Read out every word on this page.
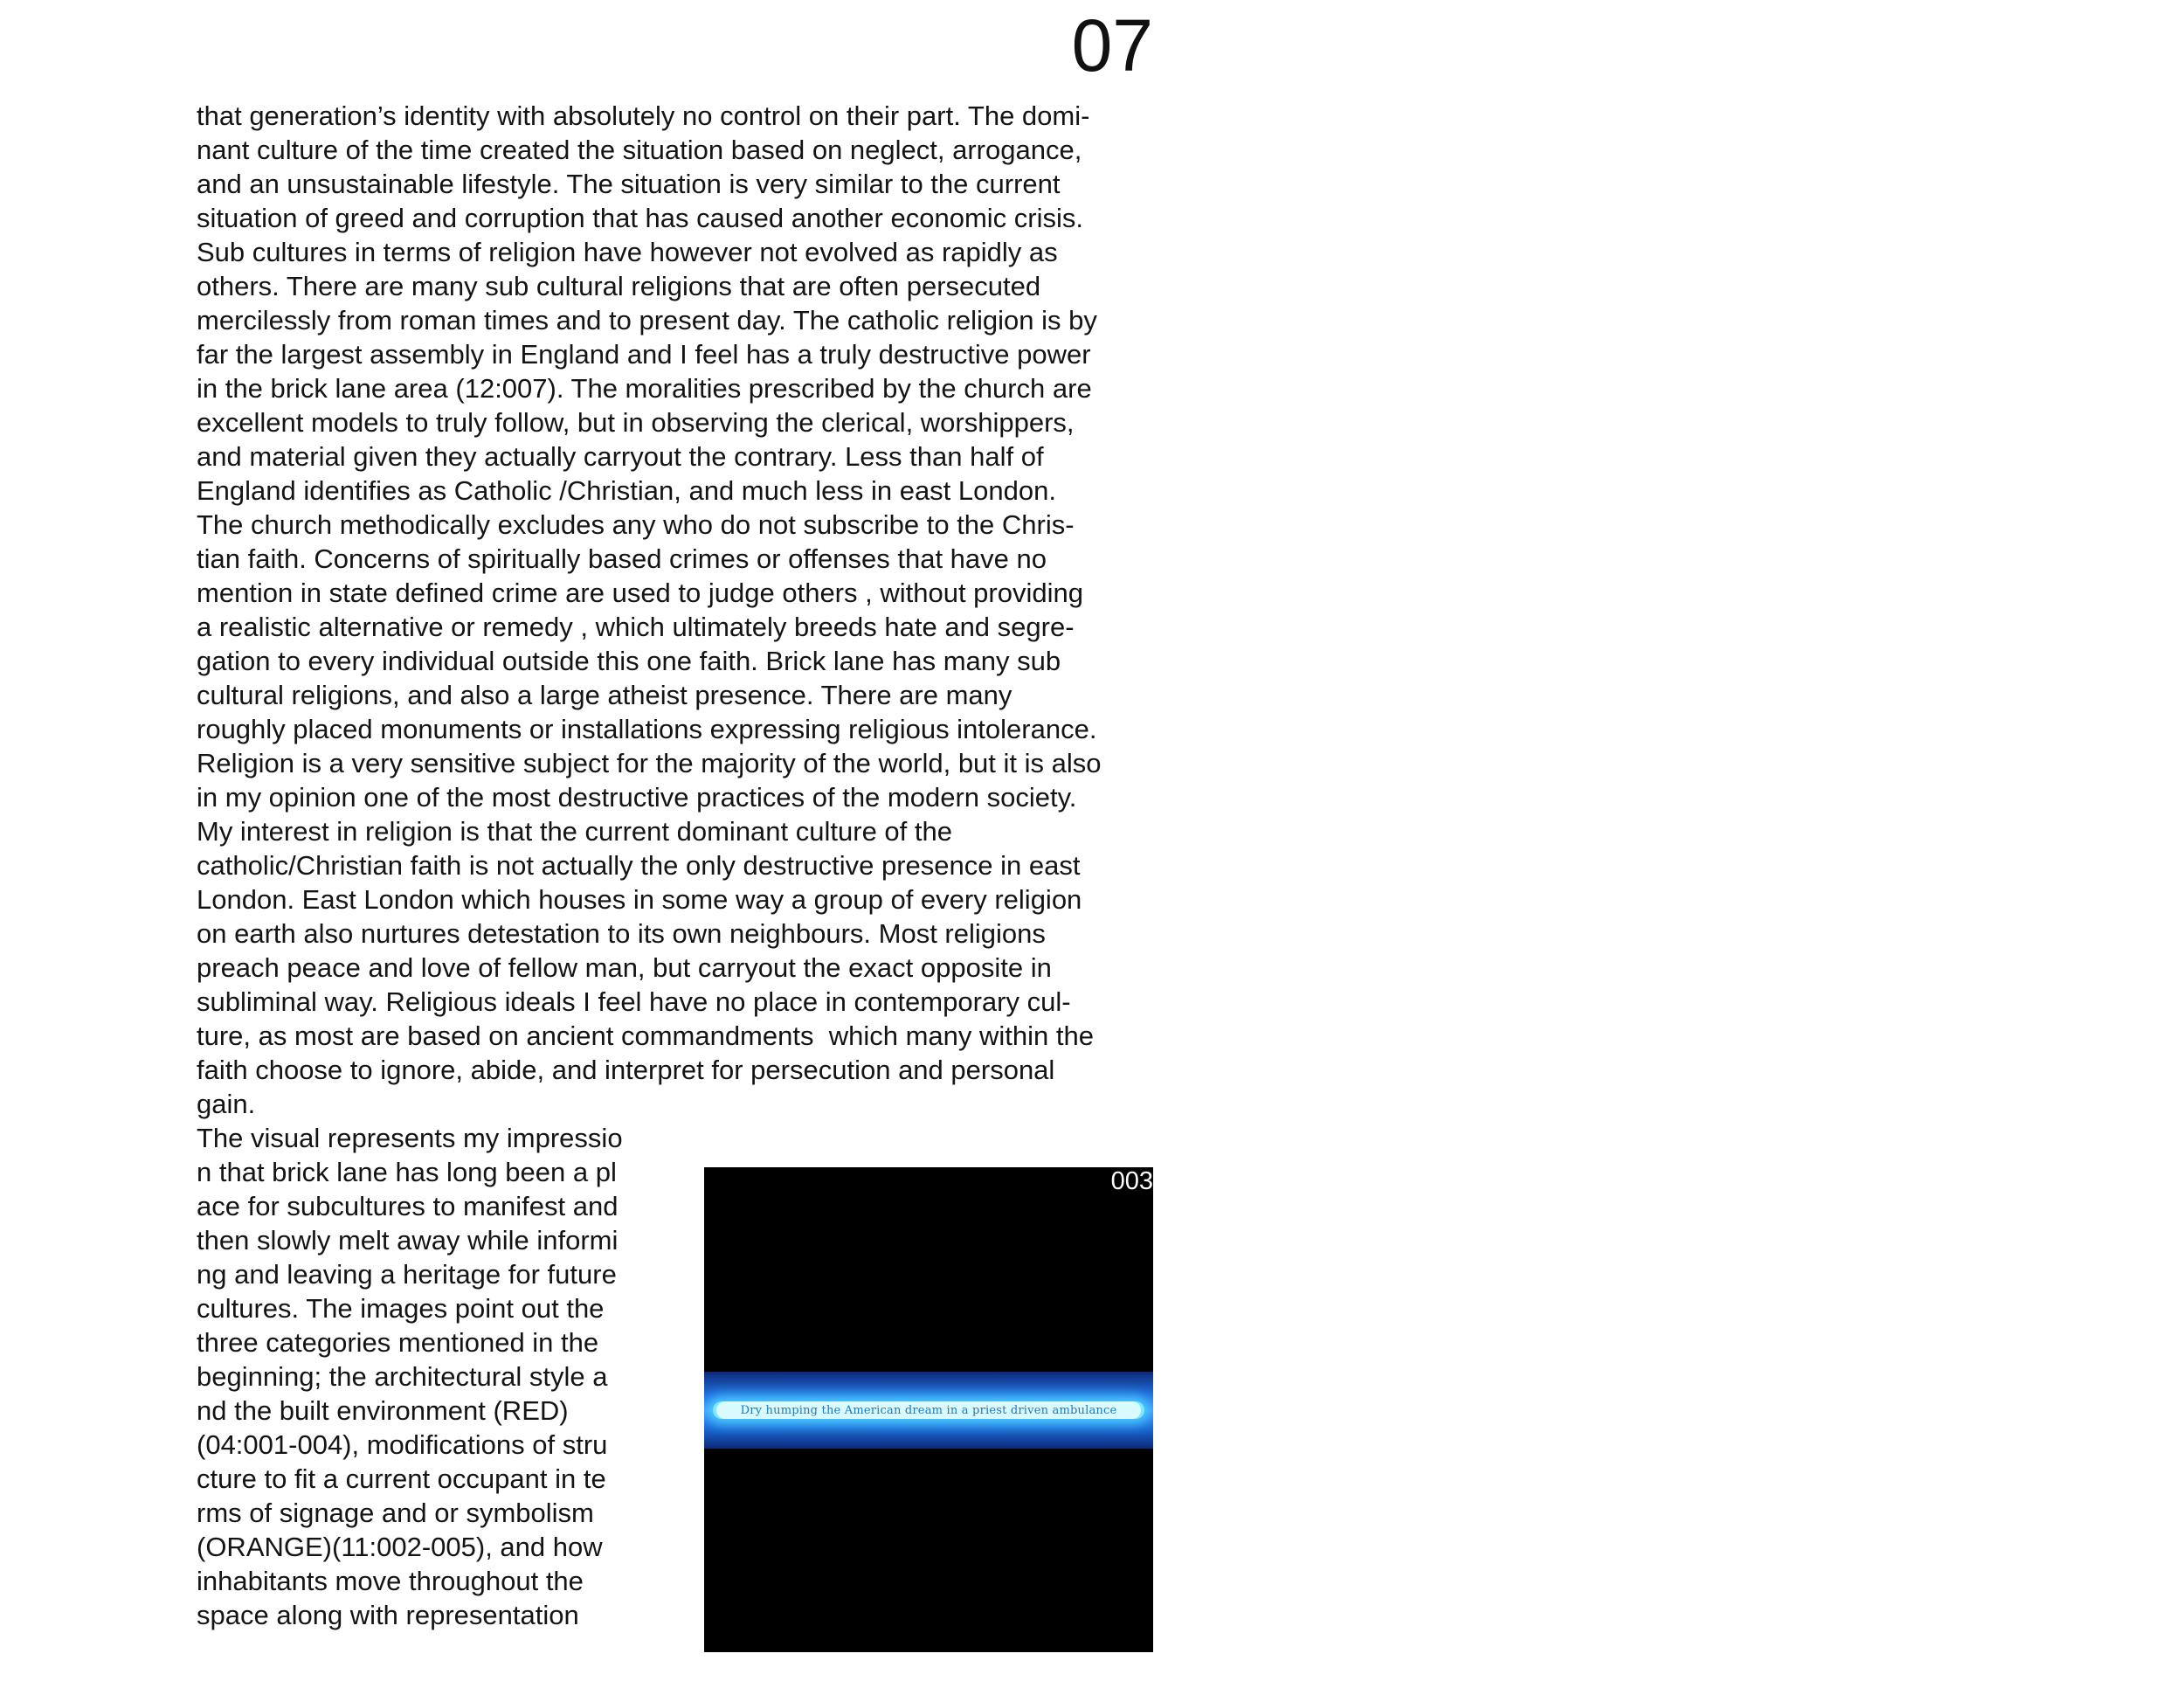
07

that generation’s identity with absolutely no control on their part. The domi-
nant culture of the time created the situation based on neglect, arrogance,
and an unsustainable lifestyle. The situation is very similar to the current
situation of greed and corruption that has caused another economic crisis.
Sub cultures in terms of religion have however not evolved as rapidly as
others. There are many sub cultural religions that are often persecuted
mercilessly from roman times and to present day. The catholic religion is by
far the largest assembly in England and I feel has a truly destructive power
in the brick lane area (12:007). The moralities prescribed by the church are
excellent models to truly follow, but in observing the clerical, worshippers,
and material given they actually carryout the contrary. Less than half of
England identifies as Catholic /Christian, and much less in east London.
The church methodically excludes any who do not subscribe to the Chris-
tian faith. Concerns of spiritually based crimes or offenses that have no
mention in state defined crime are used to judge others , without providing
a realistic alternative or remedy , which ultimately breeds hate and segre-
gation to every individual outside this one faith. Brick lane has many sub
cultural religions, and also a large atheist presence. There are many
roughly placed monuments or installations expressing religious intolerance.
Religion is a very sensitive subject for the majority of the world, but it is also
in my opinion one of the most destructive practices of the modern society.
My interest in religion is that the current dominant culture of the
catholic/Christian faith is not actually the only destructive presence in east
London. East London which houses in some way a group of every religion
on earth also nurtures detestation to its own neighbours. Most religions
preach peace and love of fellow man, but carryout the exact opposite in
subliminal way. Religious ideals I feel have no place in contemporary cul-
ture, as most are based on ancient commandments  which many within the
faith choose to ignore, abide, and interpret for persecution and personal
gain.

The visual represents my impressio
n that brick lane has long been a pl
ace for subcultures to manifest and
then slowly melt away while informi
ng and leaving a heritage for future
cultures. The images point out the
three categories mentioned in the
beginning; the architectural style a
nd the built environment (RED)
(04:001-004), modifications of stru
cture to fit a current occupant in te
rms of signage and or symbolism
(ORANGE)(11:002-005), and how
inhabitants move throughout the
space along with representation

003
Dry humping the American dream in a priest driven ambulance
